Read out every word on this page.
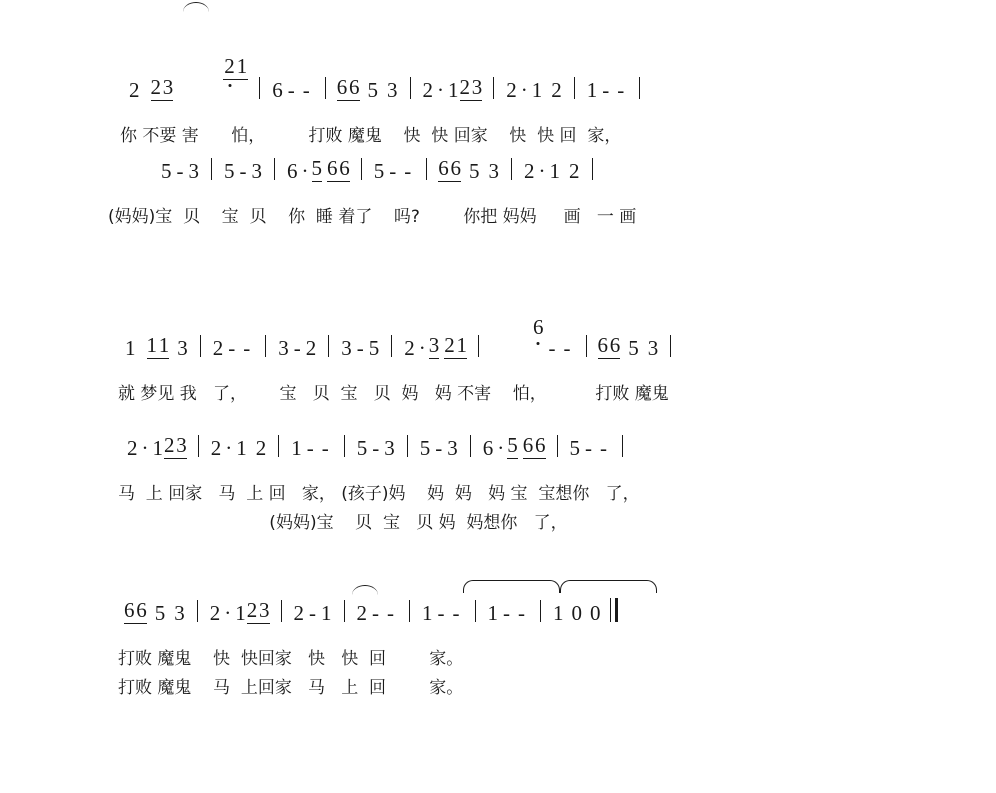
2 2 3

21

6 - - 6 6 5 3 2 · 1 2 3 2 · 1 2 1 - -
你 不要 害      怕，        打败 魔鬼    快  快 回家    快  快 回  家，
5 - 3 5 - 3 6 · 5 6 6 5 - - 6 6 5 3 2 · 1 2
(妈妈)宝  贝    宝  贝    你  睡 着了    吗?        你把 妈妈     画   一 画
1 1 1 3 2 - - 3 - 2 3 - 5 2 · 3 2 1

6

- - 6 6 5 3
就 梦见 我   了，      宝   贝  宝   贝  妈   妈 不害    怕，         打败 魔鬼
2 · 1 2 3 2 · 1 2 1 - - 5 - 3 5 - 3 6 · 5 6 6 5 - -
马  上 回家   马  上 回   家， (孩子)妈    妈  妈   妈 宝  宝想你   了，
(妈妈)宝    贝  宝   贝 妈  妈想你   了，
6 6 5 3 2 · 1 2 3 2 - 1 2 - - 1 - - 1 - - 1 0 0
打败 魔鬼    快  快回家   快   快  回        家。
打败 魔鬼    马  上回家   马   上  回        家。
